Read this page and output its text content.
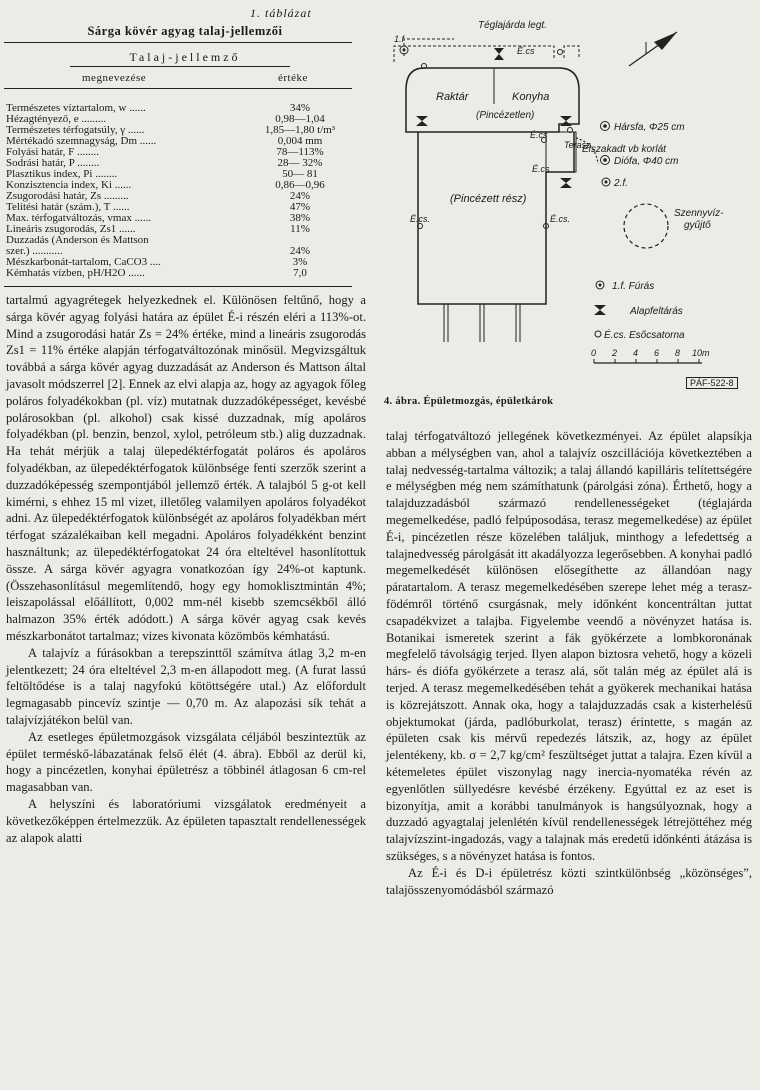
1. táblázat
Sárga kövér agyag talaj-jellemzői
Talaj-jellemző
megnevezése	értéke
Természetes víztartalom, w ......	34%
Hézagtényező, e .........	0,98—1,04
Természetes térfogatsúly, γ ......	1,85—1,80 t/m³
Mértékadó szemnagyság, Dm ......	0,004 mm
Folyási határ, F ........	78—113%
Sodrási határ, P ........	28— 32%
Plasztikus index, Pi ........	50— 81
Konzisztencia index, Ki ......	0,86—0,96
Zsugorodási határ, Zs .........	24%
Telítési határ (szám.), T ......	47%
Max. térfogatváltozás, vmax ......	38%
Lineáris zsugorodás, Zs1 ......	11%
Duzzadás (Anderson és Mattson
szer.) ...........	24%
Mészkarbonát-tartalom, CaCO3 ....	3%
Kémhatás vízben, pH/H2O ......	7,0

tartalmú agyagrétegek helyezkednek el. Különösen feltűnő, hogy a sárga kövér agyag folyási határa az épület É-i részén eléri a 113%-ot. Mind a zsugorodási határ Zs = 24% értéke, mind a lineáris zsugorodás Zs1 = 11% értéke alapján térfogatváltozónak minősül. Megvizsgáltuk továbbá a sárga kövér agyag duzzadását az Anderson és Mattson által javasolt módszerrel [2]. Ennek az elvi alapja az, hogy az agyagok főleg poláros folyadékokban (pl. víz) mutatnak duzzadóképességet, kevésbé polárosokban (pl. alkohol) csak kissé duzzadnak, míg apoláros folyadékban (pl. benzin, benzol, xylol, petróleum stb.) alig duzzadnak. Ha tehát mérjük a talaj ülepedéktérfogatát poláros és apoláros folyadékban, az ülepedéktérfogatok különbsége fenti szerzők szerint a duzzadóképesség szempontjából jellemző érték. A talajból 5 g-ot kell kimérni, s ehhez 15 ml vizet, illetőleg valamilyen apoláros folyadékot adni. Az ülepedéktérfogatok különbségét az apoláros folyadékban mért térfogat százalékaiban kell megadni. Apoláros folyadékként benzint használtunk; az ülepedéktérfogatokat 24 óra elteltével hasonlítottuk össze. A sárga kövér agyagra vonatkozóan így 24%-ot kaptunk. (Összehasonlításul megemlítendő, hogy egy homoklisztmintán 4%; leiszapolással előállított, 0,002 mm-nél kisebb szemcsékből álló halmazon 35% érték adódott.) A sárga kövér agyag csak kevés mészkarbonátot tartalmaz; vizes kivonata közömbös kémhatású.

A talajvíz a fúrásokban a terepszinttől számítva átlag 3,2 m-en jelentkezett; 24 óra elteltével 2,3 m-en állapodott meg. (A furat lassú feltöltődése is a talaj nagyfokú kötöttségére utal.) Az előfordult legmagasabb pincevíz szintje — 0,70 m. Az alapozási sík tehát a talajvízjátékon belül van.

Az esetleges épületmozgások vizsgálata céljából beszinteztük az épület terméskő-lábazatának felső élét (4. ábra). Ebből az derül ki, hogy a pincézetlen, konyhai épületrész a többinél átlagosan 6 cm-rel magasabban van.

A helyszíni és laboratóriumi vizsgálatok eredményeit a következőképpen értelmezzük. Az épületen tapasztalt rendellenességek az alapok alatti

Téglajárda legt.
1.f
É.cs
Raktár	Konyha
(Pincézetlen)
(Pincézett rész)
Terasz
É.cs
É.cs
É.cs.	É.cs.
Hársfa, Φ25 cm
Elszakadt vb korlát
Diófa, Φ40 cm
2.f.
Szennyvíz-
gyűjtő
1.f. Fúrás
Alapfeltárás
É.cs. Esőcsatorna
0 2 4 6 8 10m
PÁF-522-8
4. ábra. Épületmozgás, épületkárok

talaj térfogatváltozó jellegének következményei. Az épület alapsíkja abban a mélységben van, ahol a talajvíz oszcillációja következtében a talaj nedvesség-tartalma változik; a talaj állandó kapilláris telítettségére e mélységben még nem számíthatunk (párolgási zóna). Érthető, hogy a talajduzzadásból származó rendellenességeket (téglajárda megemelkedése, padló felpúposodása, terasz megemelkedése) az épület É-i, pincézetlen része közelében találjuk, minthogy a lefedettség a talajnedvesség párolgását itt akadályozza legerősebben. A konyhai padló megemelkedését különösen elősegíthette az állandóan nagy páratartalom. A terasz megemelkedésében szerepe lehet még a terasz-födémről történő csurgásnak, mely időnként koncentráltan juttat csapadékvizet a talajba. Figyelembe veendő a növényzet hatása is. Botanikai ismeretek szerint a fák gyökérzete a lombkoronának megfelelő távolságig terjed. Ilyen alapon biztosra vehető, hogy a közeli hárs- és diófa gyökérzete a terasz alá, sőt talán még az épület alá is terjed. A terasz megemelkedésében tehát a gyökerek mechanikai hatása is közrejátszott. Annak oka, hogy a talajduzzadás csak a kisterhelésű objektumokat (járda, padlóburkolat, terasz) érintette, s magán az épületen csak kis mérvű repedezés látszik, az, hogy az épület jelentékeny, kb. σ = 2,7 kg/cm² feszültséget juttat a talajra. Ezen kívül a kétemeletes épület viszonylag nagy inercia-nyomatéka révén az egyenlőtlen süllyedésre kevésbé érzékeny. Egyúttal ez az eset is bizonyítja, amit a korábbi tanulmányok is hangsúlyoznak, hogy a duzzadó agyagtalaj jelenlétén kívül rendellenességek létrejöttéhez még talajvízszint-ingadozás, vagy a talajnak más eredetű időnkénti átázása is szükséges, s a növényzet hatása is fontos.

Az É-i és D-i épületrész közti szintkülönbség „közönséges”, talajösszenyomódásból származó
